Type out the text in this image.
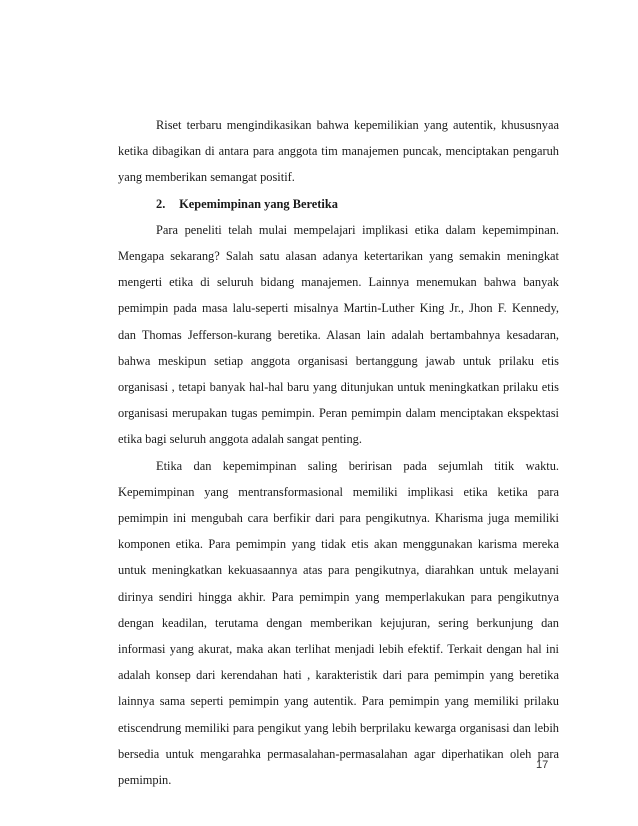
Riset terbaru mengindikasikan bahwa kepemilikian yang autentik, khususnyaa ketika dibagikan di antara para anggota tim manajemen puncak, menciptakan pengaruh yang memberikan semangat positif.

2. Kepemimpinan yang Beretika

Para peneliti telah mulai mempelajari implikasi etika dalam kepemimpinan. Mengapa sekarang? Salah satu alasan adanya ketertarikan yang semakin meningkat mengerti etika di seluruh bidang manajemen. Lainnya menemukan bahwa banyak pemimpin pada masa lalu-seperti misalnya Martin-Luther King Jr., Jhon F. Kennedy, dan Thomas Jefferson-kurang beretika. Alasan lain adalah bertambahnya kesadaran, bahwa meskipun setiap anggota organisasi bertanggung jawab untuk prilaku etis organisasi , tetapi banyak hal-hal baru yang ditunjukan untuk meningkatkan prilaku etis organisasi merupakan tugas pemimpin. Peran pemimpin dalam menciptakan ekspektasi etika bagi seluruh anggota adalah sangat penting.

Etika dan kepemimpinan saling beririsan pada sejumlah titik waktu. Kepemimpinan yang mentransformasional memiliki implikasi etika ketika para pemimpin ini mengubah cara berfikir dari para pengikutnya. Kharisma juga memiliki komponen etika. Para pemimpin yang tidak etis akan menggunakan karisma mereka untuk meningkatkan kekuasaannya atas para pengikutnya, diarahkan untuk melayani dirinya sendiri hingga akhir. Para pemimpin yang memperlakukan para pengikutnya dengan keadilan, terutama dengan memberikan kejujuran, sering berkunjung dan informasi yang akurat, maka akan terlihat menjadi lebih efektif. Terkait dengan hal ini adalah konsep dari kerendahan hati , karakteristik dari para pemimpin yang beretika lainnya sama seperti pemimpin yang autentik. Para pemimpin yang memiliki prilaku etiscendrung memiliki para pengikut yang lebih berprilaku kewarga organisasi dan lebih bersedia untuk mengarahka permasalahan-permasalahan agar diperhatikan oleh para pemimpin.

17
